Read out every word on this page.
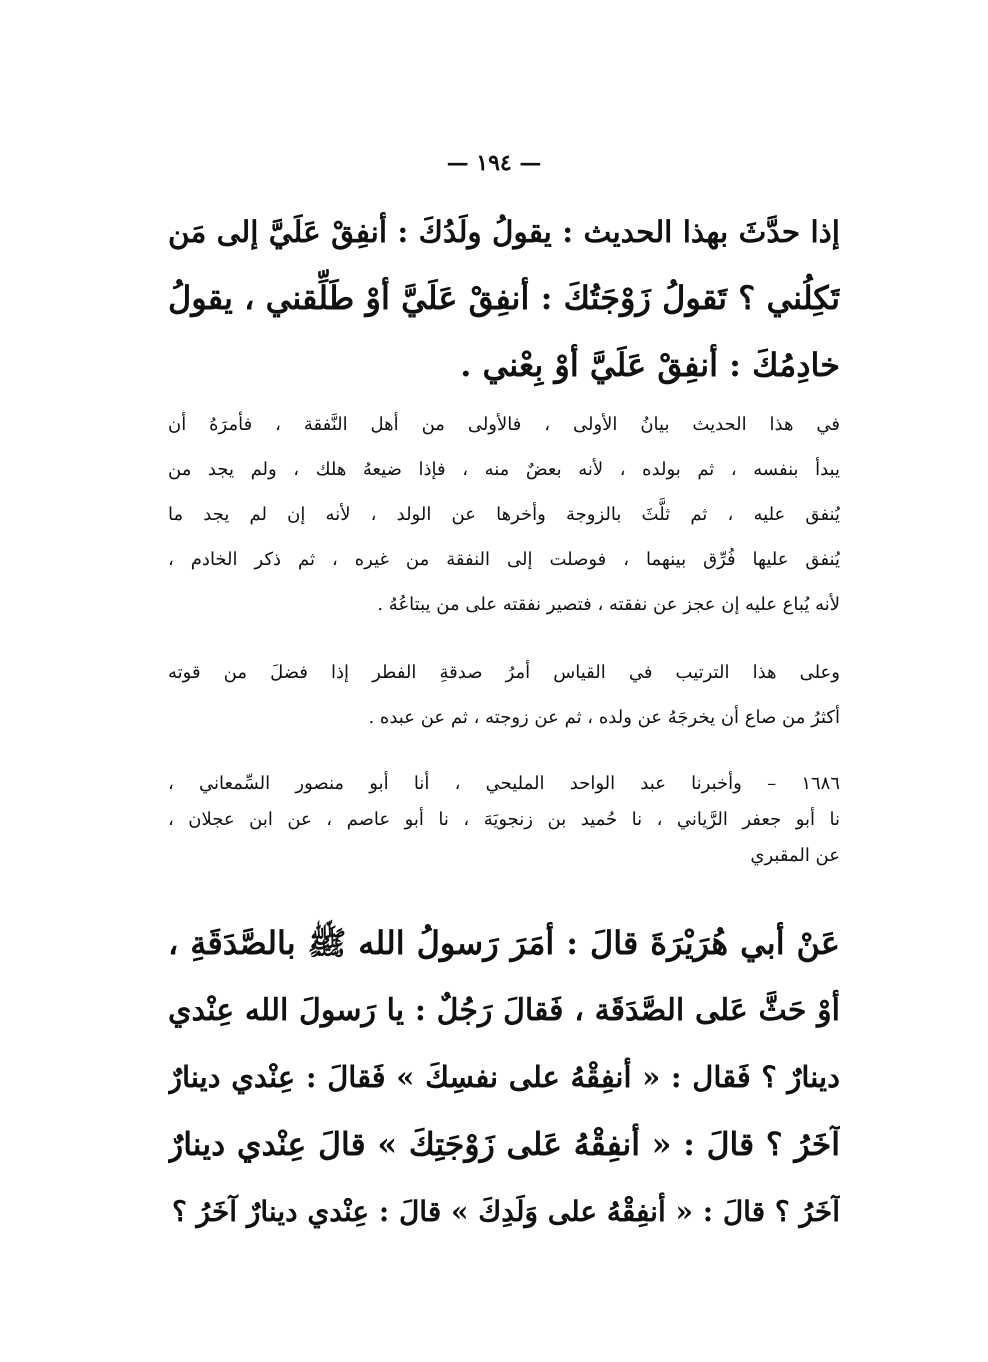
— ١٩٤ —
إذا حدَّثَ بهذا الحديث : يقولُ ولَدُكَ : أنفِقْ عَلَيَّ إلى مَن
تَكِلُني ؟ تَقولُ زَوْجَتُكَ : أنفِقْ عَلَيَّ أوْ طَلِّقني ، يقولُ
خادِمُكَ : أنفِقْ عَلَيَّ أوْ بِعْني .
في هذا الحديث بيانُ الأولى ، فالأولى من أهل النَّفقة ، فأمرَهُ أن
يبدأ بنفسه ، ثم بولده ، لأنه بعضٌ منه ، فإذا ضيعهُ هلك ، ولم يجد من
يُنفق عليه ، ثم ثلَّثَ بالزوجة وأخرها عن الولد ، لأنه إن لم يجد ما
يُنفق عليها فُرِّق بينهما ، فوصلت إلى النفقة من غيره ، ثم ذكر الخادم ،
لأنه يُباع عليه إن عجز عن نفقته ، فتصير نفقته على من يبتاعُهُ .
وعلى هذا الترتيب في القياس أمرُ صدقةِ الفطر إذا فضلَ من قوته
أكثرُ من صاع أن يخرجَهُ عن ولده ، ثم عن زوجته ، ثم عن عبده .
١٦٨٦ – وأخبرنا عبد الواحد المليحي ، أنا أبو منصور السِّمعاني ،
نا أبو جعفر الرَّياني ، نا حُميد بن زنجويَهَ ، نا أبو عاصم ، عن ابن عجلان ،
عن المقبري
عَنْ أبي هُرَيْرَةَ قالَ : أمَرَ رَسولُ الله ﷺ بالصَّدَقَةِ ،
أوْ حَثَّ عَلى الصَّدَقَة ، فَقالَ رَجُلٌ : يا رَسولَ الله عِنْدي
دينارٌ ؟ فَقال : « أنفِقْهُ على نفسِكَ » فَقالَ : عِنْدي دينارٌ
آخَرُ ؟ قالَ : « أنفِقْهُ عَلى زَوْجَتِكَ » قالَ عِنْدي دينارٌ
آخَرُ ؟ قالَ : « أنفِقْهُ على وَلَدِكَ » قالَ : عِنْدي دينارٌ آخَرُ ؟
